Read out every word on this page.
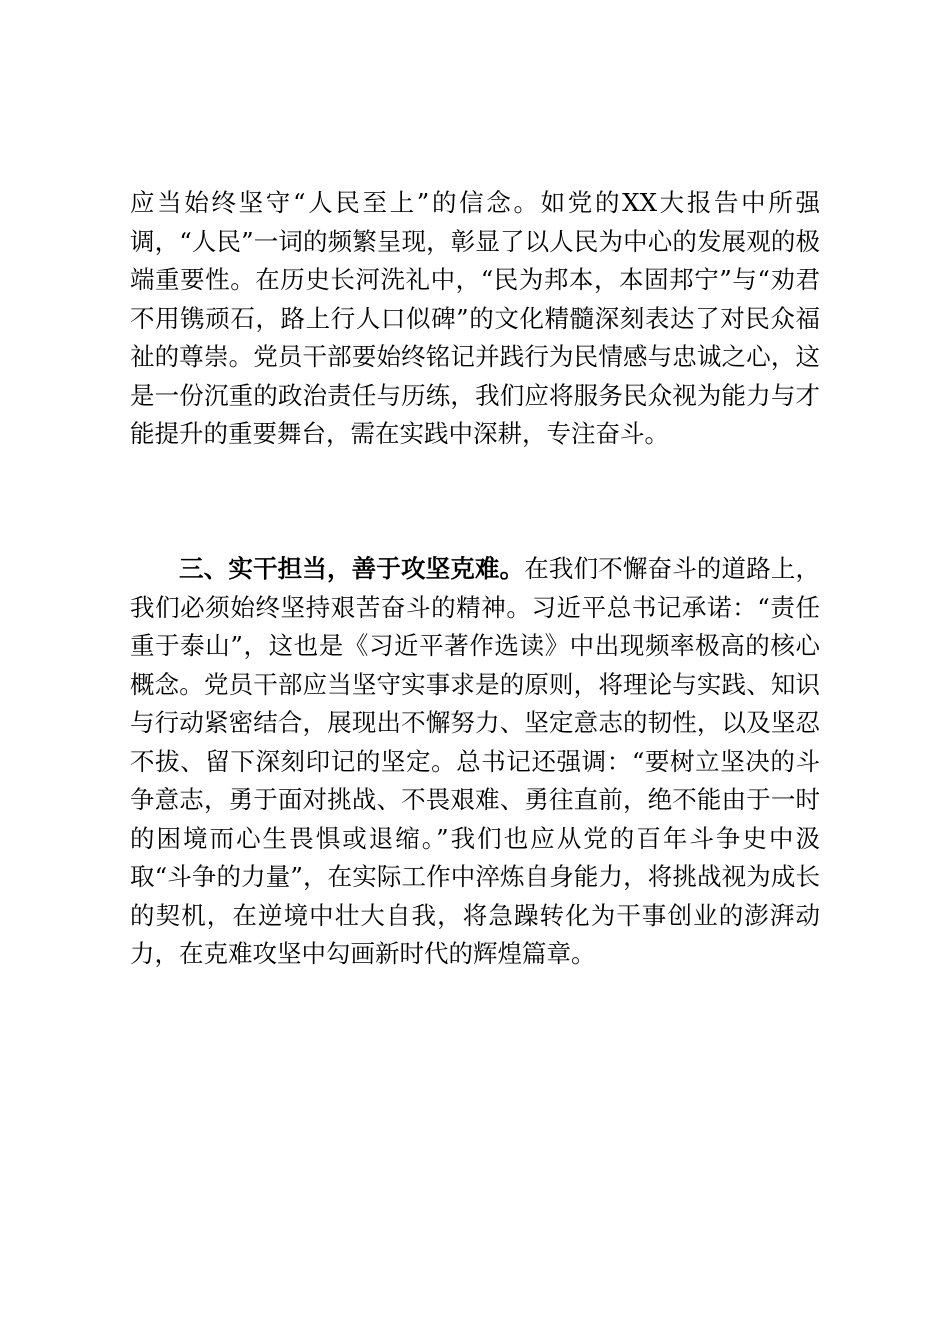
应当始终坚守“人民至上”的信念。如党的XX大报告中所强调，“人民”一词的频繁呈现，彰显了以人民为中心的发展观的极端重要性。在历史长河洗礼中，“民为邦本，本固邦宁”与“劝君不用镌顽石，路上行人口似碑”的文化精髓深刻表达了对民众福祉的尊崇。党员干部要始终铭记并践行为民情感与忠诚之心，这是一份沉重的政治责任与历练，我们应将服务民众视为能力与才能提升的重要舞台，需在实践中深耕，专注奋斗。

三、实干担当，善于攻坚克难。在我们不懈奋斗的道路上，我们必须始终坚持艰苦奋斗的精神。习近平总书记承诺：“责任重于泰山”，这也是《习近平著作选读》中出现频率极高的核心概念。党员干部应当坚守实事求是的原则，将理论与实践、知识与行动紧密结合，展现出不懈努力、坚定意志的韧性，以及坚忍不拔、留下深刻印记的坚定。总书记还强调：“要树立坚决的斗争意志，勇于面对挑战、不畏艰难、勇往直前，绝不能由于一时的困境而心生畏惧或退缩。”我们也应从党的百年斗争史中汲取“斗争的力量”，在实际工作中淬炼自身能力，将挑战视为成长的契机，在逆境中壮大自我，将急躁转化为干事创业的澎湃动力，在克难攻坚中勾画新时代的辉煌篇章。
